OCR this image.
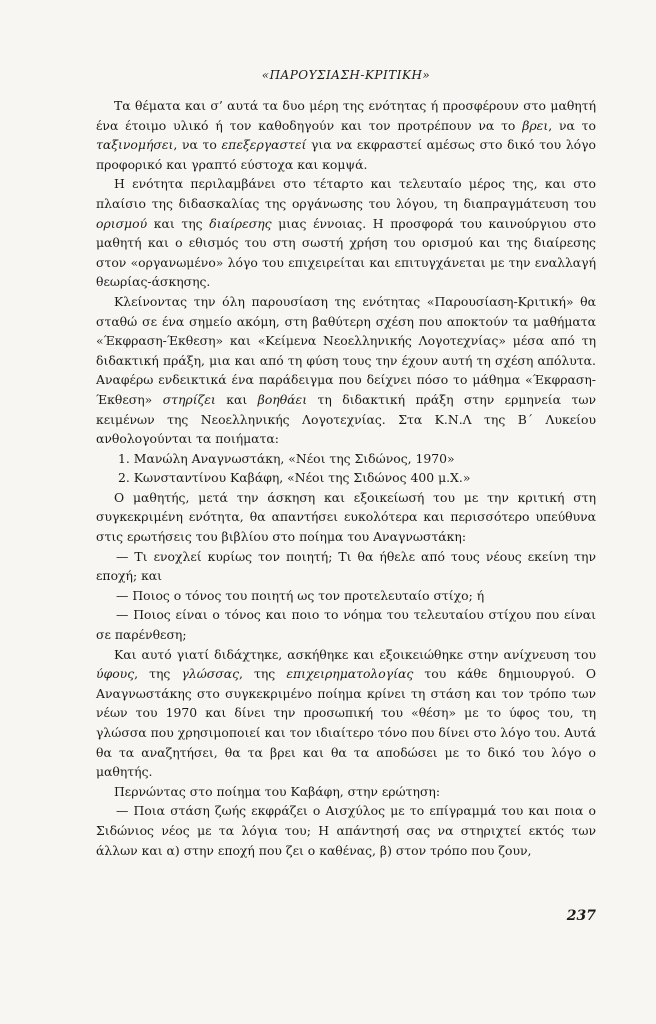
«ΠΑΡΟΥΣΙΑΣΗ-ΚΡΙΤΙΚΗ»

Τα θέματα και σ’ αυτά τα δυο μέρη της ενότητας ή προσφέρουν στο μαθητή ένα έτοιμο υλικό ή τον καθοδηγούν και τον προτρέπουν να το βρει, να το ταξινομήσει, να το επεξεργαστεί για να εκφραστεί αμέσως στο δικό του λόγο προφορικό και γραπτό εύστοχα και κομψά.

Η ενότητα περιλαμβάνει στο τέταρτο και τελευταίο μέρος της, και στο πλαίσιο της διδασκαλίας της οργάνωσης του λόγου, τη διαπραγμάτευση του ορισμού και της διαίρεσης μιας έννοιας. Η προσφορά του καινούργιου στο μαθητή και ο εθισμός του στη σωστή χρήση του ορισμού και της διαίρεσης στον «οργανωμένο» λόγο του επιχειρείται και επιτυγχάνεται με την εναλλαγή θεωρίας-άσκησης.

Κλείνοντας την όλη παρουσίαση της ενότητας «Παρουσίαση-Κριτική» θα σταθώ σε ένα σημείο ακόμη, στη βαθύτερη σχέση που αποκτούν τα μαθήματα «Έκφραση-Έκθεση» και «Κείμενα Νεοελληνικής Λογοτεχνίας» μέσα από τη διδακτική πράξη, μια και από τη φύση τους την έχουν αυτή τη σχέση απόλυτα. Αναφέρω ενδεικτικά ένα παράδειγμα που δείχνει πόσο το μάθημα «Έκφραση-Έκθεση» στηρίζει και βοηθάει τη διδακτική πράξη στην ερμηνεία των κειμένων της Νεοελληνικής Λογοτεχνίας. Στα Κ.Ν.Λ της Β΄ Λυκείου ανθολογούνται τα ποιήματα:

1. Μανώλη Αναγνωστάκη, «Νέοι της Σιδώνος, 1970»

2. Κωνσταντίνου Καβάφη, «Νέοι της Σιδώνος 400 μ.Χ.»

Ο μαθητής, μετά την άσκηση και εξοικείωσή του με την κριτική στη συγκεκριμένη ενότητα, θα απαντήσει ευκολότερα και περισσότερο υπεύθυνα στις ερωτήσεις του βιβλίου στο ποίημα του Αναγνωστάκη:

— Τι ενοχλεί κυρίως τον ποιητή; Τι θα ήθελε από τους νέους εκείνη την εποχή; και

— Ποιος ο τόνος του ποιητή ως τον προτελευταίο στίχο; ή

— Ποιος είναι ο τόνος και ποιο το νόημα του τελευταίου στίχου που είναι σε παρένθεση;

Και αυτό γιατί διδάχτηκε, ασκήθηκε και εξοικειώθηκε στην ανίχνευση του ύφους, της γλώσσας, της επιχειρηματολογίας του κάθε δημιουργού. Ο Αναγνωστάκης στο συγκεκριμένο ποίημα κρίνει τη στάση και τον τρόπο των νέων του 1970 και δίνει την προσωπική του «θέση» με το ύφος του, τη γλώσσα που χρησιμοποιεί και τον ιδιαίτερο τόνο που δίνει στο λόγο του. Αυτά θα τα αναζητήσει, θα τα βρει και θα τα αποδώσει με το δικό του λόγο ο μαθητής.

Περνώντας στο ποίημα του Καβάφη, στην ερώτηση:

— Ποια στάση ζωής εκφράζει ο Αισχύλος με το επίγραμμά του και ποια ο Σιδώνιος νέος με τα λόγια του; Η απάντησή σας να στηριχτεί εκτός των άλλων και α) στην εποχή που ζει ο καθένας, β) στον τρόπο που ζουν,

237
